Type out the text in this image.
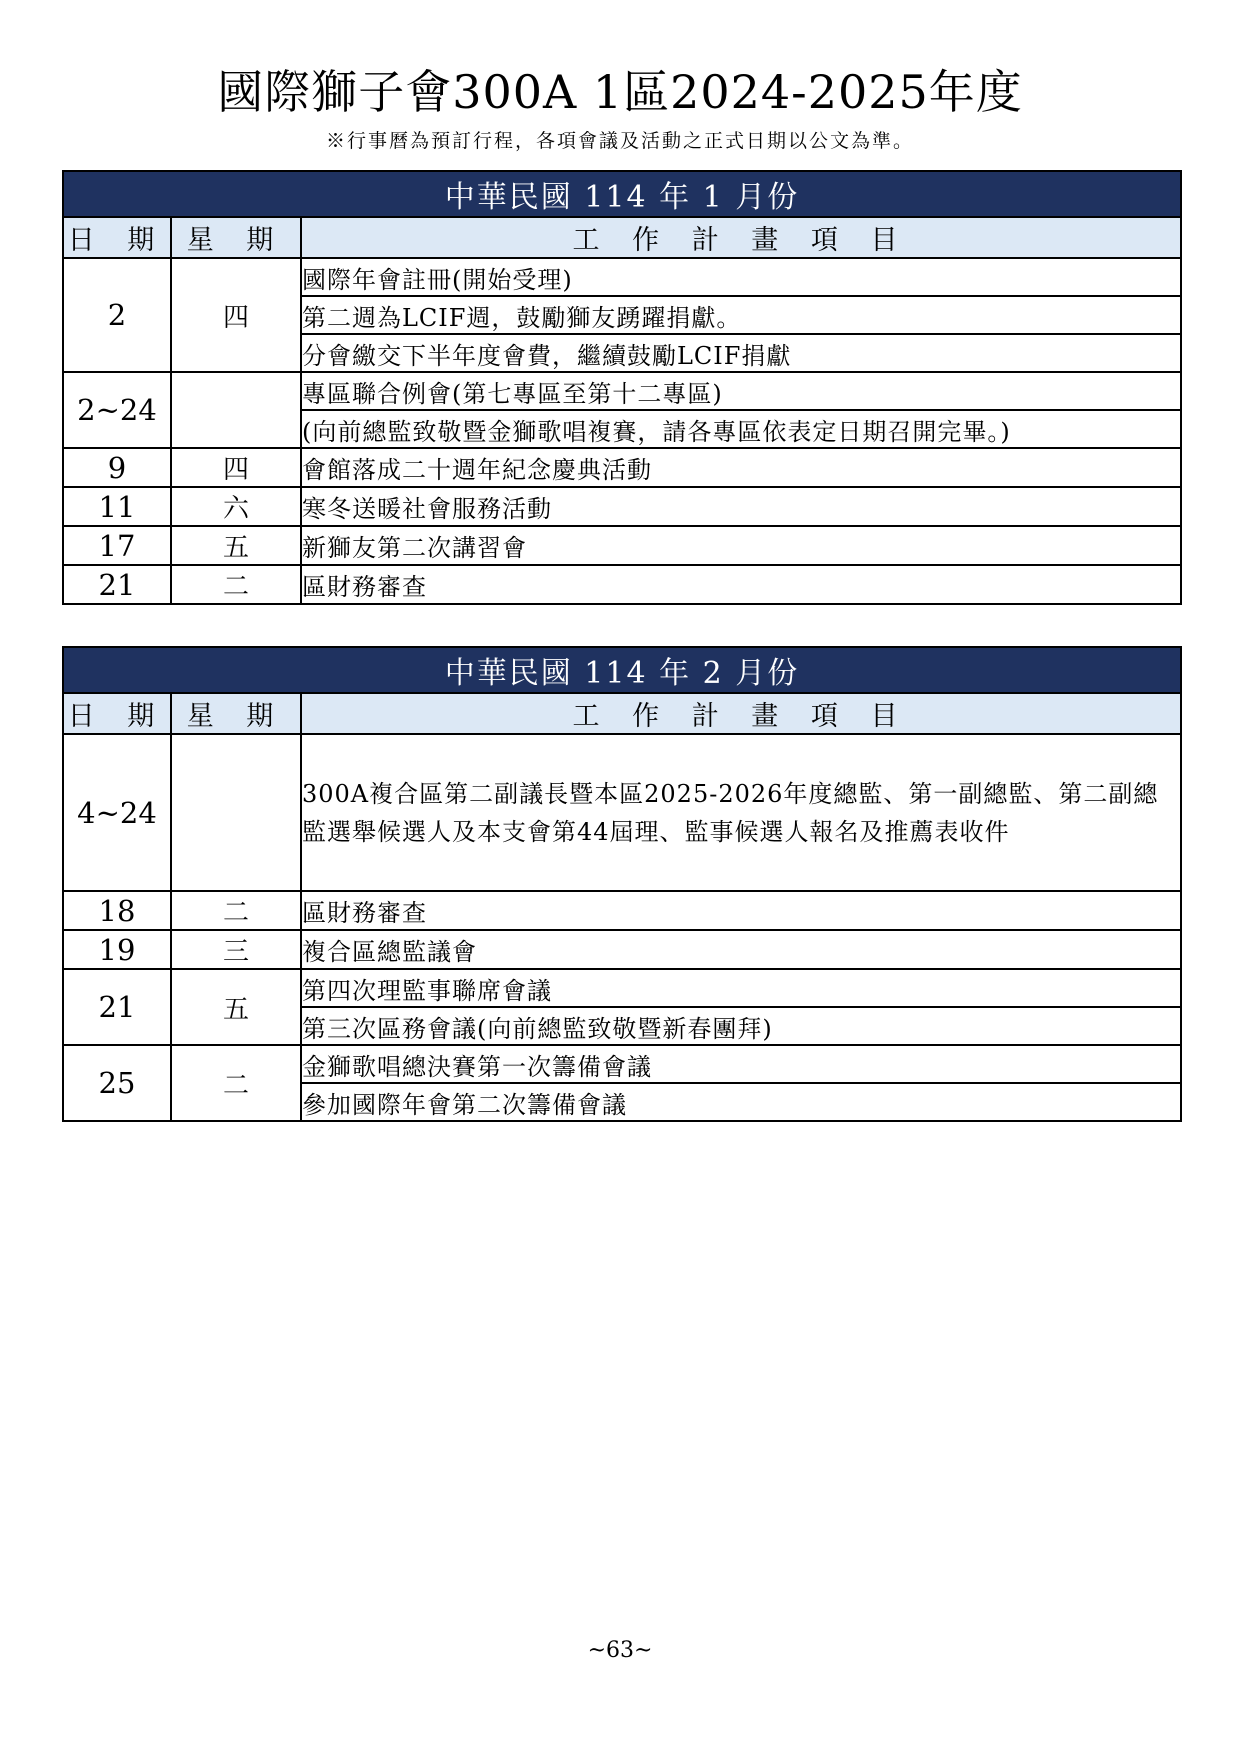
國際獅子會300A 1區2024-2025年度
※行事曆為預訂行程，各項會議及活動之正式日期以公文為準。
中華民國 114 年 1 月份		
日 期	星 期	工 作 計 畫 項 目
2	四	國際年會註冊(開始受理)
		第二週為LCIF週，鼓勵獅友踴躍捐獻。
		分會繳交下半年度會費，繼續鼓勵LCIF捐獻
2~24		專區聯合例會(第七專區至第十二專區)
		(向前總監致敬暨金獅歌唱複賽，請各專區依表定日期召開完畢。)
9	四	會館落成二十週年紀念慶典活動
11	六	寒冬送暖社會服務活動
17	五	新獅友第二次講習會
21	二	區財務審查
中華民國 114 年 2 月份		
日 期	星 期	工 作 計 畫 項 目
4~24		300A複合區第二副議長暨本區2025-2026年度總監、第一副總監、第二副總監選舉候選人及本支會第44屆理、監事候選人報名及推薦表收件
18	二	區財務審查
19	三	複合區總監議會
21	五	第四次理監事聯席會議
		第三次區務會議(向前總監致敬暨新春團拜)
25	二	金獅歌唱總決賽第一次籌備會議
		參加國際年會第二次籌備會議
~63~
